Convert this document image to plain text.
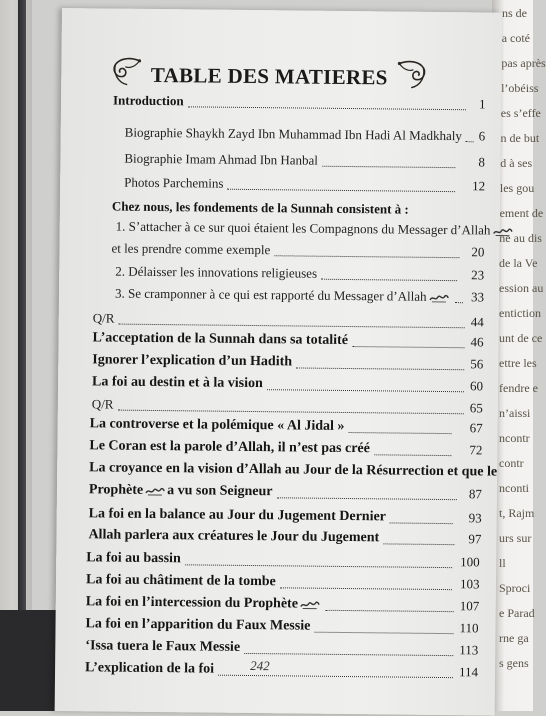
ns de
a coté
pas après
l’obéiss
es s’effe
n de but
d à ses
les gou
ement de
ne au dis
de la Ve
ession au
entiction
unt de ce
ettre les
fendre e
n’aissi
ncontr
contr
nconti
t, Rajm
urs sur
ll
Sproci
e Parad
rne ga
s gens
TABLE DES MATIERES
Introduction	1
Biographie Shaykh Zayd Ibn Muhammad Ibn Hadi Al Madkhaly 6
Biographie Imam Ahmad Ibn Hanbal	8
Photos Parchemins	12
Chez nous, les fondements de la Sunnah consistent à :
1. S’attacher à ce sur quoi étaient les Compagnons du Messager d’Allah
et les prendre comme exemple	20
2. Délaisser les innovations religieuses	23
3. Se cramponner à ce qui est rapporté du Messager d’Allah	33
Q/R	44
L’acceptation de la Sunnah dans sa totalité	46
Ignorer l’explication d’un Hadith	56
La foi au destin et à la vision	60
Q/R	65
La controverse et la polémique « Al Jidal »	67
Le Coran est la parole d’Allah, il n’est pas créé	72
La croyance en la vision d’Allah au Jour de la Résurrection et que le
Prophète a vu son Seigneur	87
La foi en la balance au Jour du Jugement Dernier	93
Allah parlera aux créatures le Jour du Jugement	97
La foi au bassin	100
La foi au châtiment de la tombe	103
La foi en l’intercession du Prophète	107
La foi en l’apparition du Faux Messie	110
‘Issa tuera le Faux Messie	113
L’explication de la foi	114
242
